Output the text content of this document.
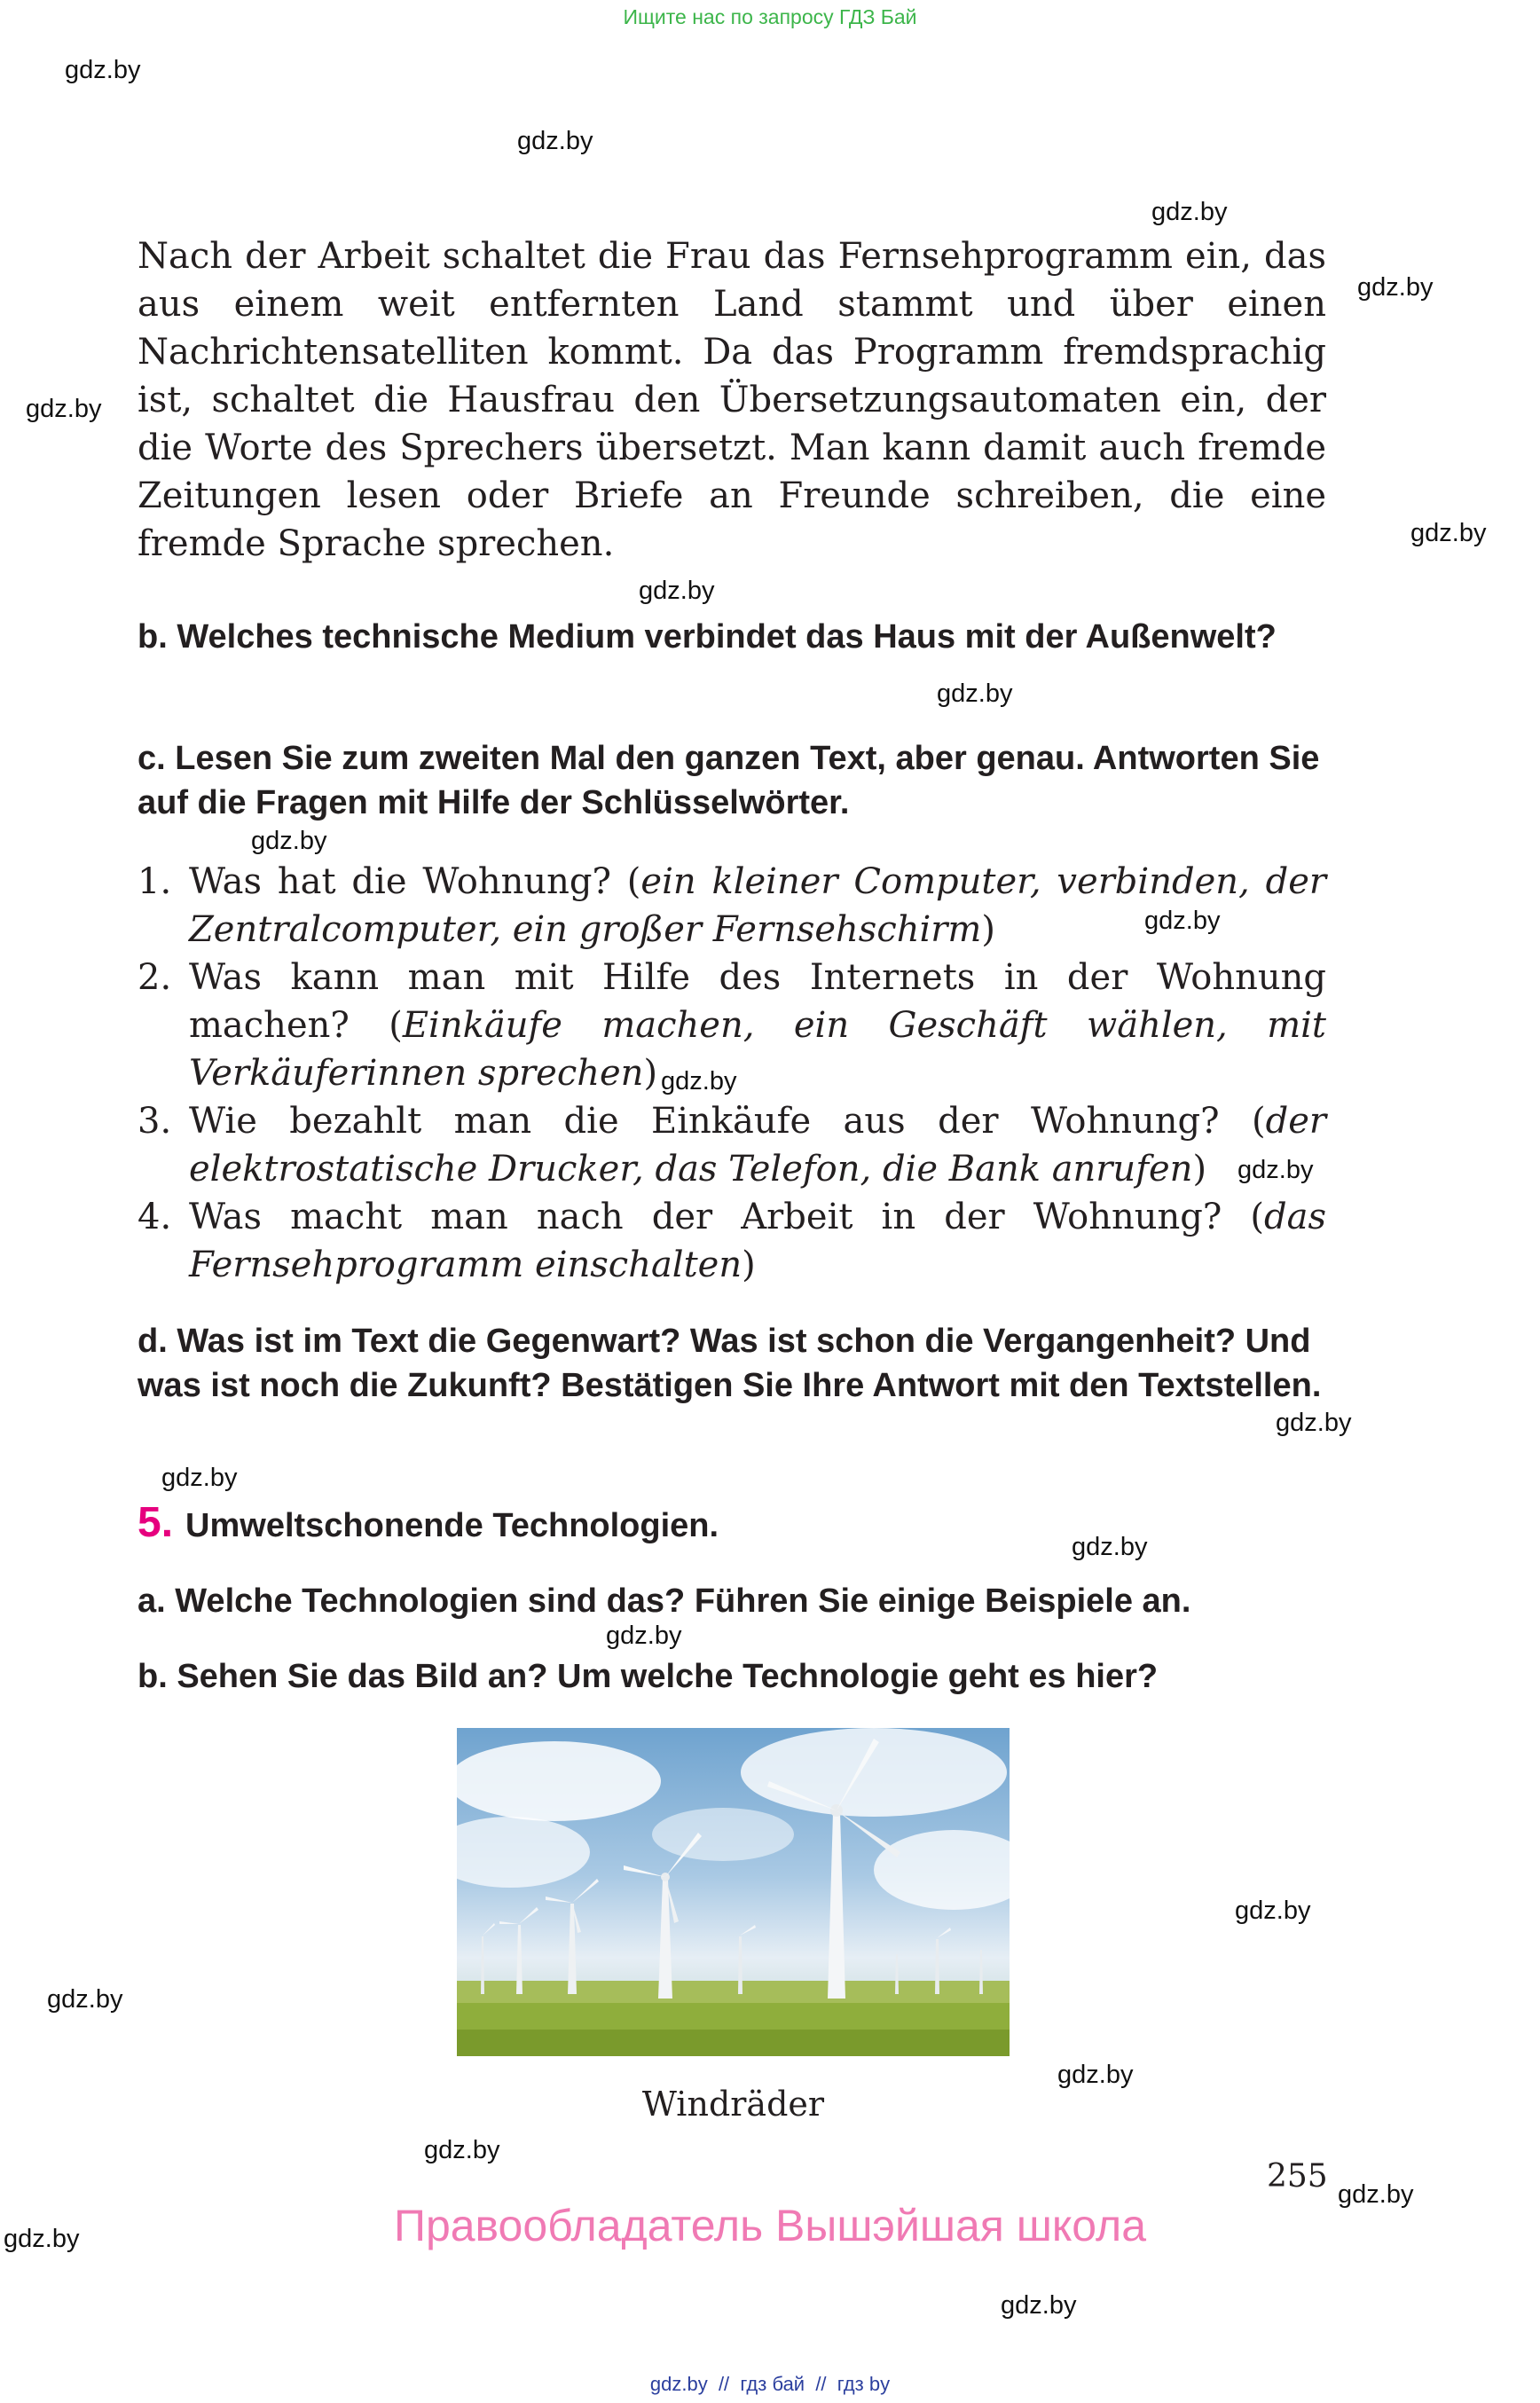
Ищите нас по запросу ГДЗ Бай
gdz.by
gdz.by
gdz.by
gdz.by
gdz.by
gdz.by
gdz.by
gdz.by
gdz.by
gdz.by
gdz.by
gdz.by
gdz.by
gdz.by
gdz.by
gdz.by
gdz.by
gdz.by
gdz.by
gdz.by
gdz.by
gdz.by
gdz.by
Nach der Arbeit schaltet die Frau das Fernsehprogramm ein, das aus einem weit entfernten Land stammt und über einen Nachrichtensatelliten kommt. Da das Programm fremdsprachig ist, schaltet die Hausfrau den Übersetzungsautomaten ein, der die Worte des Sprechers übersetzt. Man kann damit auch fremde Zeitungen lesen oder Briefe an Freunde schreiben, die eine fremde Sprache sprechen.
b. Welches technische Medium verbindet das Haus mit der Außenwelt?
c. Lesen Sie zum zweiten Mal den ganzen Text, aber genau. Antworten Sie auf die Fragen mit Hilfe der Schlüsselwörter.
1. Was hat die Wohnung? (ein kleiner Computer, verbinden, der Zentralcomputer, ein großer Fernsehschirm)
2. Was kann man mit Hilfe des Internets in der Wohnung machen? (Einkäufe machen, ein Geschäft wählen, mit Verkäuferinnen sprechen)
3. Wie bezahlt man die Einkäufe aus der Wohnung? (der elektrostatische Drucker, das Telefon, die Bank anrufen)
4. Was macht man nach der Arbeit in der Wohnung? (das Fernsehprogramm einschalten)
d. Was ist im Text die Gegenwart? Was ist schon die Vergangenheit? Und was ist noch die Zukunft? Bestätigen Sie Ihre Antwort mit den Textstellen.
5. Umweltschonende Technologien.
a. Welche Technologien sind das? Führen Sie einige Beispiele an.
b. Sehen Sie das Bild an? Um welche Technologie geht es hier?
Windräder
255
Правообладатель Вышэйшая школа
gdz.by  //  гдз бай  //  гдз by
